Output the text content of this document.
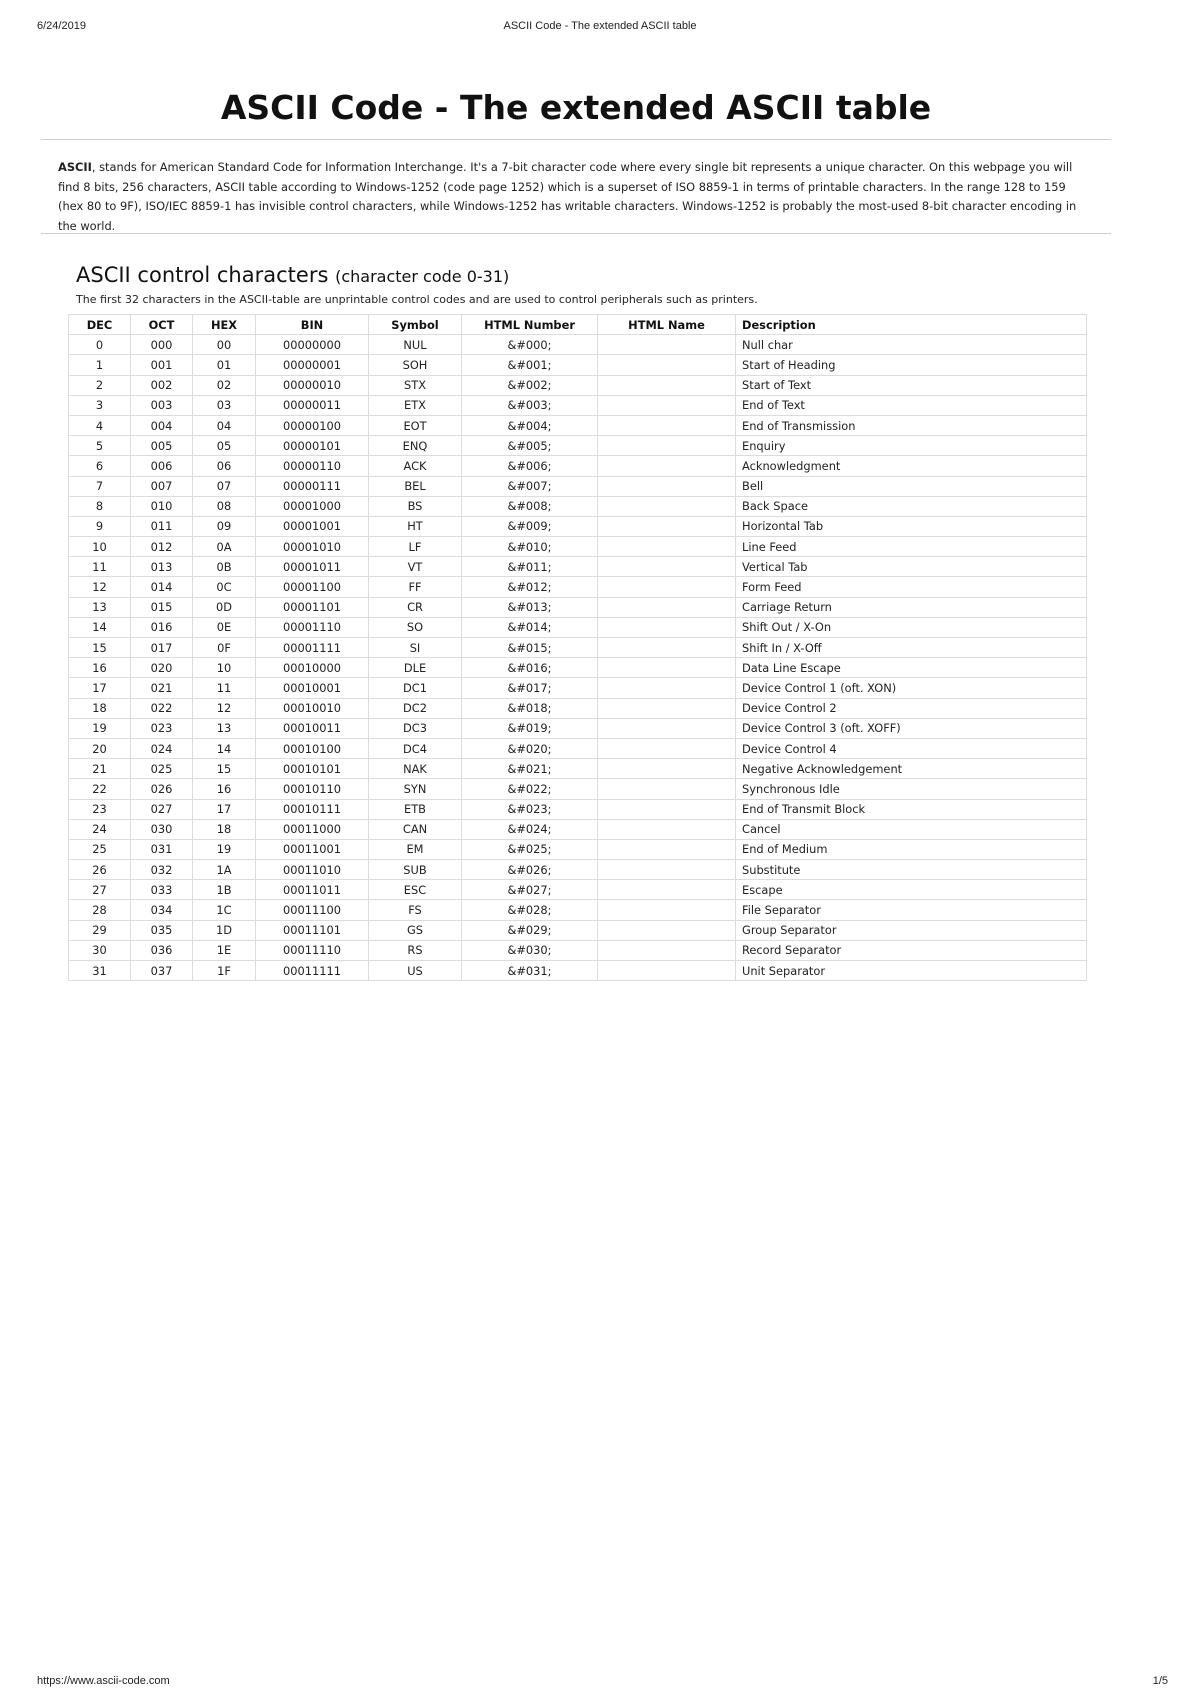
6/24/2019	ASCII Code - The extended ASCII table
ASCII Code - The extended ASCII table

ASCII, stands for American Standard Code for Information Interchange. It's a 7-bit character code where every single bit represents a unique character. On this webpage you will find 8 bits, 256 characters, ASCII table according to Windows-1252 (code page 1252) which is a superset of ISO 8859-1 in terms of printable characters. In the range 128 to 159 (hex 80 to 9F), ISO/IEC 8859-1 has invisible control characters, while Windows-1252 has writable characters. Windows-1252 is probably the most-used 8-bit character encoding in the world.

ASCII control characters (character code 0-31)

The first 32 characters in the ASCII-table are unprintable control codes and are used to control peripherals such as printers.

DEC	OCT	HEX	BIN	Symbol	HTML Number	HTML Name	Description
0	000	00	00000000	NUL	&#000;		Null char
1	001	01	00000001	SOH	&#001;		Start of Heading
2	002	02	00000010	STX	&#002;		Start of Text
3	003	03	00000011	ETX	&#003;		End of Text
4	004	04	00000100	EOT	&#004;		End of Transmission
5	005	05	00000101	ENQ	&#005;		Enquiry
6	006	06	00000110	ACK	&#006;		Acknowledgment
7	007	07	00000111	BEL	&#007;		Bell
8	010	08	00001000	BS	&#008;		Back Space
9	011	09	00001001	HT	&#009;		Horizontal Tab
10	012	0A	00001010	LF	&#010;		Line Feed
11	013	0B	00001011	VT	&#011;		Vertical Tab
12	014	0C	00001100	FF	&#012;		Form Feed
13	015	0D	00001101	CR	&#013;		Carriage Return
14	016	0E	00001110	SO	&#014;		Shift Out / X-On
15	017	0F	00001111	SI	&#015;		Shift In / X-Off
16	020	10	00010000	DLE	&#016;		Data Line Escape
17	021	11	00010001	DC1	&#017;		Device Control 1 (oft. XON)
18	022	12	00010010	DC2	&#018;		Device Control 2
19	023	13	00010011	DC3	&#019;		Device Control 3 (oft. XOFF)
20	024	14	00010100	DC4	&#020;		Device Control 4
21	025	15	00010101	NAK	&#021;		Negative Acknowledgement
22	026	16	00010110	SYN	&#022;		Synchronous Idle
23	027	17	00010111	ETB	&#023;		End of Transmit Block
24	030	18	00011000	CAN	&#024;		Cancel
25	031	19	00011001	EM	&#025;		End of Medium
26	032	1A	00011010	SUB	&#026;		Substitute
27	033	1B	00011011	ESC	&#027;		Escape
28	034	1C	00011100	FS	&#028;		File Separator
29	035	1D	00011101	GS	&#029;		Group Separator
30	036	1E	00011110	RS	&#030;		Record Separator
31	037	1F	00011111	US	&#031;		Unit Separator
https://www.ascii-code.com	1/5
